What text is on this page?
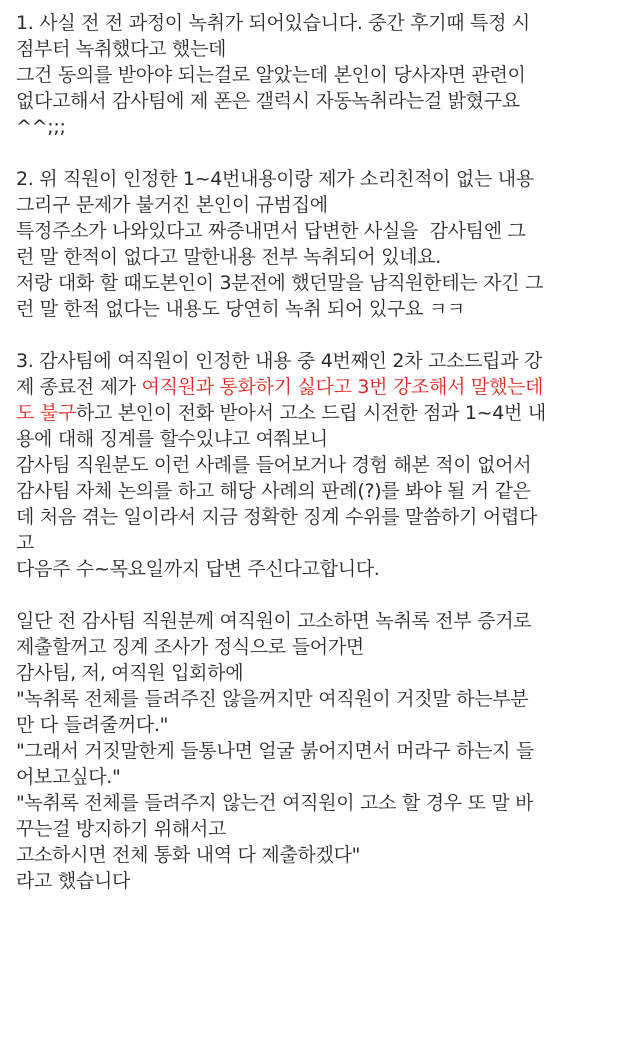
1. 사실 전 전 과정이 녹취가 되어있습니다. 중간 후기때 특정 시
점부터 녹취했다고 했는데
그건 동의를 받아야 되는걸로 알았는데 본인이 당사자면 관련이
없다고해서 감사팀에 제 폰은 갤럭시 자동녹취라는걸 밝혔구요
^^;;;
2. 위 직원이 인정한 1~4번내용이랑 제가 소리친적이 없는 내용
그리구 문제가 불거진 본인이 규범집에
특정주소가 나와있다고 짜증내면서 답변한 사실을  감사팀엔 그
런 말 한적이 없다고 말한내용 전부 녹취되어 있네요.
저랑 대화 할 때도본인이 3분전에 했던말을 남직원한테는 자긴 그
런 말 한적 없다는 내용도 당연히 녹취 되어 있구요 ㅋㅋ
3. 감사팀에 여직원이 인정한 내용 중 4번째인 2차 고소드립과 강
제 종료전 제가 여직원과 통화하기 싫다고 3번 강조해서 말했는데
도 불구하고 본인이 전화 받아서 고소 드립 시전한 점과 1~4번 내
용에 대해 징계를 할수있냐고 여쭤보니
감사팀 직원분도 이런 사례를 들어보거나 경험 해본 적이 없어서
감사팀 자체 논의를 하고 해당 사례의 판례(?)를 봐야 될 거 같은
데 처음 겪는 일이라서 지금 정확한 징계 수위를 말씀하기 어렵다
고
다음주 수~목요일까지 답변 주신다고합니다.
일단 전 감사팀 직원분께 여직원이 고소하면 녹취록 전부 증거로
제출할꺼고 징계 조사가 정식으로 들어가면
감사팀, 저, 여직원 입회하에
"녹취록 전체를 들려주진 않을꺼지만 여직원이 거짓말 하는부분
만 다 들려줄꺼다."
"그래서 거짓말한게 들통나면 얼굴 붉어지면서 머라구 하는지 들
어보고싶다."
"녹취록 전체를 들려주지 않는건 여직원이 고소 할 경우 또 말 바
꾸는걸 방지하기 위해서고
고소하시면 전체 통화 내역 다 제출하겠다"
라고 했습니다
